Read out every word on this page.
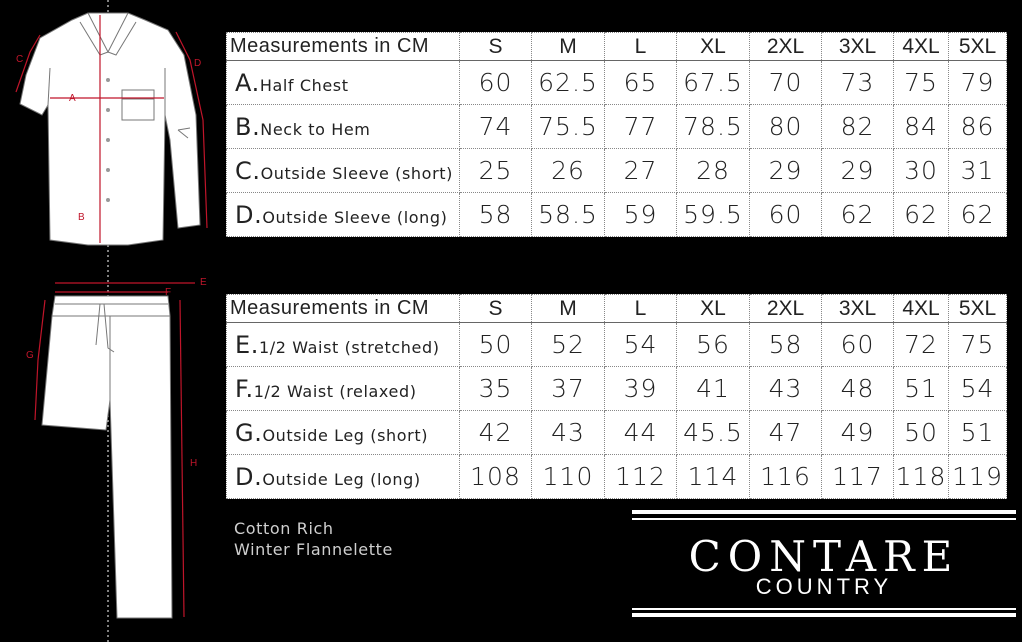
A
B
C	D
E
F
G
H
Measurements in CM	S	M	L	XL	2XL	3XL	4XL	5XL
A.Half Chest	60	62.5	65	67.5	70	73	75	79
B.Neck to Hem	74	75.5	77	78.5	80	82	84	86
C.Outside Sleeve (short)	25	26	27	28	29	29	30	31
D.Outside Sleeve (long)	58	58.5	59	59.5	60	62	62	62
Measurements in CM	S	M	L	XL	2XL	3XL	4XL	5XL
E.1/2 Waist (stretched)	50	52	54	56	58	60	72	75
F.1/2 Waist (relaxed)	35	37	39	41	43	48	51	54
G.Outside Leg (short)	42	43	44	45.5	47	49	50	51
D.Outside Leg (long)	108	110	112	114	116	117	118	119
Cotton Rich
Winter Flannelette	CONTARE
COUNTRY
